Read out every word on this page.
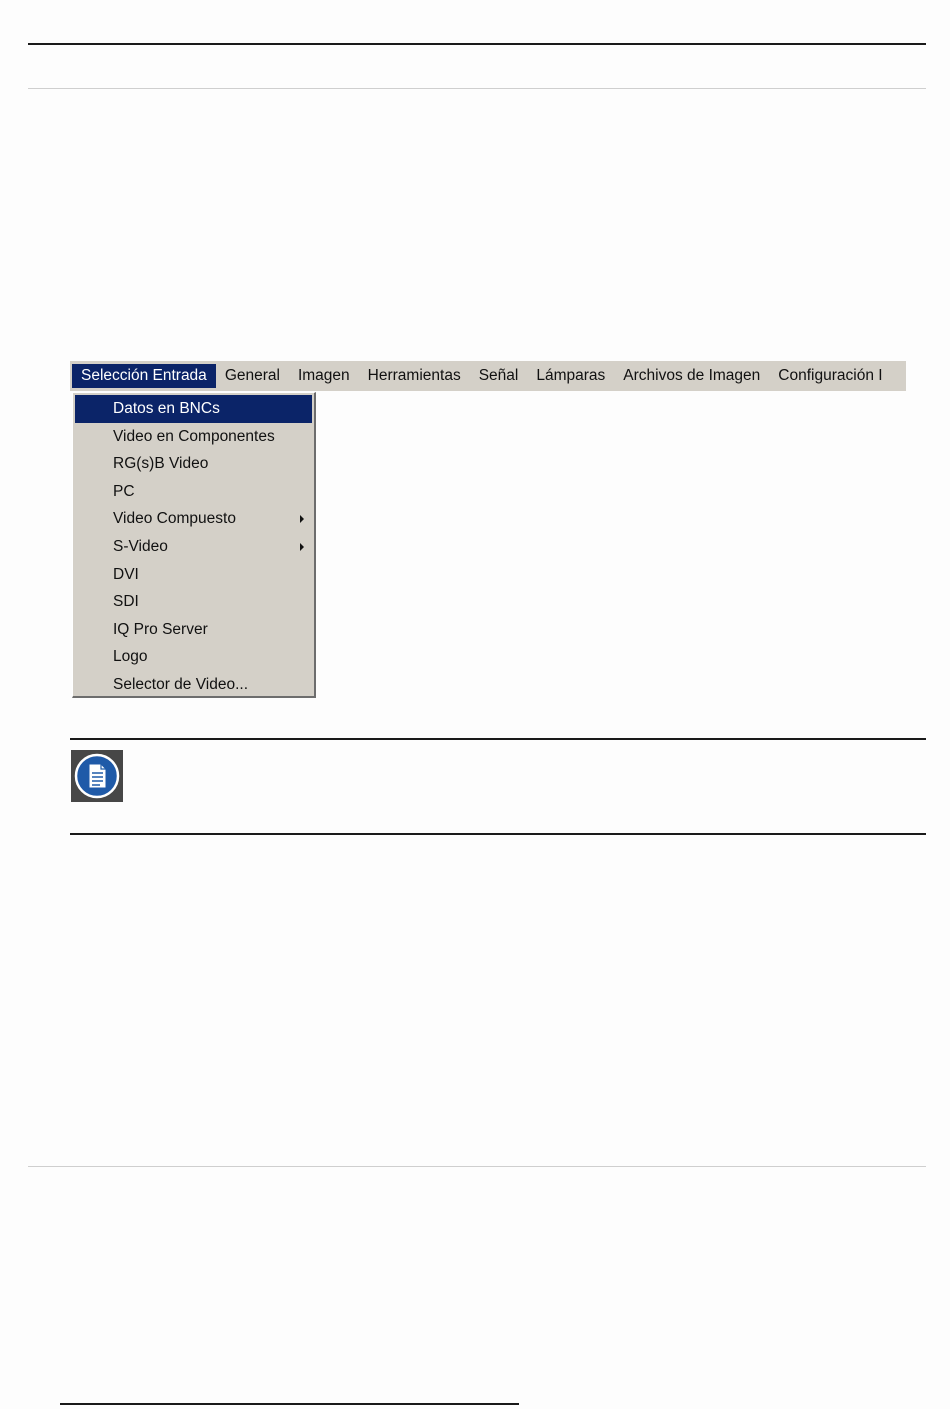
Selección Entrada	General	Imagen	Herramientas	Señal	Lámparas	Archivos de Imagen	Configuración I
Datos en BNCs
Video en Componentes
RG(s)B Video
PC
Video Compuesto
S-Video
DVI
SDI
IQ Pro Server
Logo
Selector de Video...
